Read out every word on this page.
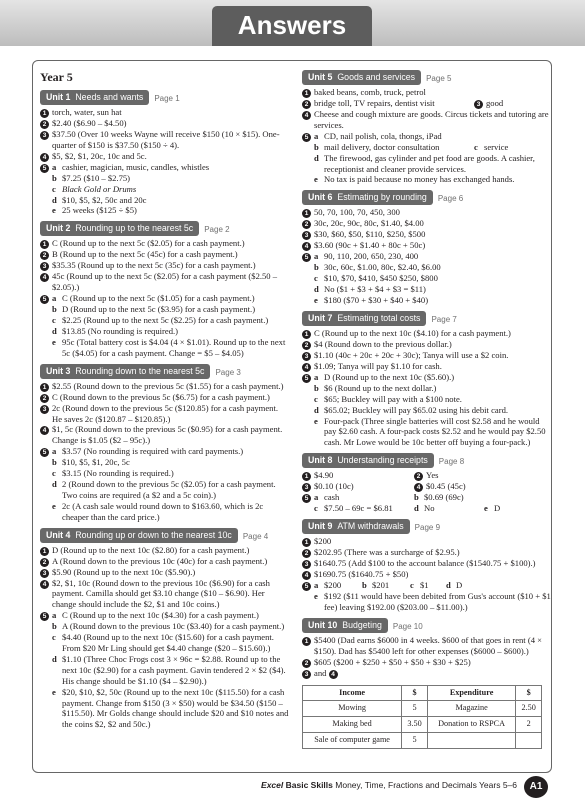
Answers
Year 5
Unit 1 Needs and wants	Page 1
1 torch, water, sun hat
2 $2.40 ($6.90 – $4.50)
3 $37.50 (Over 10 weeks Wayne will receive $150 (10 × $15). One-quarter of $150 is $37.50 ($150 ÷ 4).
4 $5, $2, $1, 20c, 10c and 5c.
5 a cashier, magician, music, candles, whistles
b $7.25 ($10 – $2.75)
c Black Gold or Drums
d $10, $5, $2, 50c and 20c
e 25 weeks ($125 ÷ $5)
Unit 2 Rounding up to the nearest 5c	Page 2
1 C (Round up to the next 5c ($2.05) for a cash payment.)
2 B (Round up to the next 5c (45c) for a cash payment.)
3 $35.35 (Round up to the next 5c (35c) for a cash payment.)
4 45c (Round up to the next 5c ($2.05) for a cash payment ($2.50 – $2.05).)
5 a C (Round up to the next 5c ($1.05) for a cash payment.)
b D (Round up to the next 5c ($3.95) for a cash payment.)
c $2.25 (Round up to the next 5c ($2.25) for a cash payment.)
d $13.85 (No rounding is required.)
e 95c (Total battery cost is $4.04 (4 × $1.01). Round up to the next 5c ($4.05) for a cash payment. Change = $5 – $4.05)
Unit 3 Rounding down to the nearest 5c	Page 3
1 $2.55 (Round down to the previous 5c ($1.55) for a cash payment.)
2 C (Round down to the previous 5c ($6.75) for a cash payment.)
3 2c (Round down to the previous 5c ($120.85) for a cash payment. He saves 2c ($120.87 – $120.85).)
4 $1, 5c (Round down to the previous 5c ($0.95) for a cash payment. Change is $1.05 ($2 – 95c).)
5 a $3.57 (No rounding is required with card payments.)
b $10, $5, $1, 20c, 5c
c $3.15 (No rounding is required.)
d 2 (Round down to the previous 5c ($2.05) for a cash payment. Two coins are required (a $2 and a 5c coin).)
e 2c (A cash sale would round down to $163.60, which is 2c cheaper than the card price.)
Unit 4 Rounding up or down to the nearest 10c	Page 4
1 D (Round up to the next 10c ($2.80) for a cash payment.)
2 A (Round down to the previous 10c (40c) for a cash payment.)
3 $5.90 (Round up to the next 10c ($5.90).)
4 $2, $1, 10c (Round down to the previous 10c ($6.90) for a cash payment. Camilla should get $3.10 change ($10 – $6.90). Her change should include the $2, $1 and 10c coins.)
5 a C (Round up to the next 10c ($4.30) for a cash payment.)
b A (Round down to the previous 10c ($3.40) for a cash payment.)
c $4.40 (Round up to the next 10c ($15.60) for a cash payment. From $20 Mr Ling should get $4.40 change ($20 – $15.60).)
d $1.10 (Three Choc Frogs cost 3 × 96c = $2.88. Round up to the next 10c ($2.90) for a cash payment. Gavin tendered 2 × $2 ($4). His change should be $1.10 ($4 – $2.90).)
e $20, $10, $2, 50c (Round up to the next 10c ($115.50) for a cash payment. Change from $150 (3 × $50) would be $34.50 ($150 – $115.50). Mr Golds change should include $20 and $10 notes and the coins $2, $2 and 50c.)
Unit 5 Goods and services	Page 5
1 baked beans, comb, truck, petrol
2 bridge toll, TV repairs, dentist visit	3 good
4 Cheese and cough mixture are goods. Circus tickets and tutoring are services.
5 a CD, nail polish, cola, thongs, iPad
b mail delivery, doctor consultation	c service
d The firewood, gas cylinder and pet food are goods. A cashier, receptionist and cleaner provide services.
e No tax is paid because no money has exchanged hands.
Unit 6 Estimating by rounding	Page 6
1 50, 70, 100, 70, 450, 300
2 30c, 20c, 90c, 80c, $1.40, $4.00
3 $30, $60, $50, $110, $250, $500
4 $3.60 (90c + $1.40 + 80c + 50c)
5 a 90, 110, 200, 650, 230, 400
b 30c, 60c, $1.00, 80c, $2.40, $6.00
c $10, $70, $410, $450 $250, $800
d No ($1 + $3 + $4 + $3 = $11)
e $180 ($70 + $30 + $40 + $40)
Unit 7 Estimating total costs	Page 7
1 C (Round up to the next 10c ($4.10) for a cash payment.)
2 $4 (Round down to the previous dollar.)
3 $1.10 (40c + 20c + 20c + 30c); Tanya will use a $2 coin.
4 $1.09; Tanya will pay $1.10 for cash.
5 a D (Round up to the next 10c ($5.60).)
b $6 (Round up to the next dollar.)
c $65; Buckley will pay with a $100 note.
d $65.02; Buckley will pay $65.02 using his debit card.
e Four-pack (Three single batteries will cost $2.58 and he would pay $2.60 cash. A four-pack costs $2.52 and he would pay $2.50 cash. Mr Lowe would be 10c better off buying a four-pack.)
Unit 8 Understanding receipts	Page 8
1 $4.90	2 Yes
3 $0.10 (10c)	4 $0.45 (45c)
5 a cash	b $0.69 (69c)
c $7.50 – 69c = $6.81	d No	e D
Unit 9 ATM withdrawals	Page 9
1 $200
2 $202.95 (There was a surcharge of $2.95.)
3 $1640.75 (Add $100 to the account balance ($1540.75 + $100).)
4 $1690.75 ($1640.75 + $50)
5 a $200	b $201	c $1	d D
e $192 ($11 would have been debited from Gus's account ($10 + $1 fee) leaving $192.00 ($203.00 – $11.00).)
Unit 10 Budgeting	Page 10
1 $5400 (Dad earns $6000 in 4 weeks. $600 of that goes in rent (4 × $150). Dad has $5400 left for other expenses ($6000 – $600).)
2 $605 ($200 + $250 + $50 + $50 + $30 + $25)
3 and 4
Income	$	Expenditure	$
Mowing	5	Magazine	2.50
Making bed	3.50	Donation to RSPCA	2
Sale of computer game	5		
Excel Basic Skills Money, Time, Fractions and Decimals Years 5–6	A1
